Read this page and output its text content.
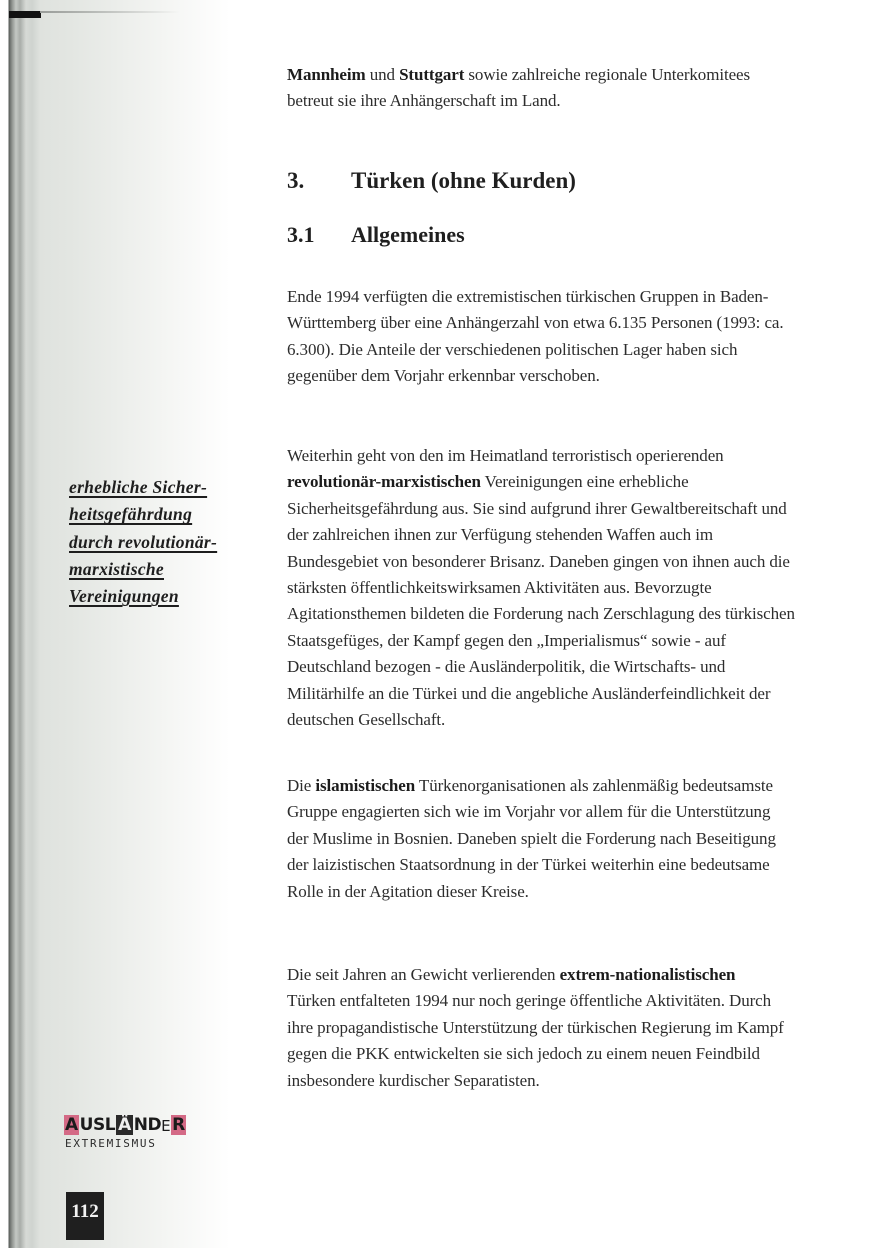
Mannheim und Stuttgart sowie zahlreiche regionale Unterkomitees betreut sie ihre Anhängerschaft im Land.

3.	Türken (ohne Kurden)
3.1	Allgemeines

Ende 1994 verfügten die extremistischen türkischen Gruppen in Baden-Württemberg über eine Anhängerzahl von etwa 6.135 Personen (1993: ca. 6.300). Die Anteile der verschiedenen politischen Lager haben sich gegenüber dem Vorjahr erkennbar verschoben.

Weiterhin geht von den im Heimatland terroristisch operierenden revolutionär-marxistischen Vereinigungen eine erhebliche Sicherheitsgefährdung aus. Sie sind aufgrund ihrer Gewaltbereitschaft und der zahlreichen ihnen zur Verfügung stehenden Waffen auch im Bundesgebiet von besonderer Brisanz. Daneben gingen von ihnen auch die stärksten öffentlichkeitswirksamen Aktivitäten aus. Bevorzugte Agitationsthemen bildeten die Forderung nach Zerschlagung des türkischen Staatsgefüges, der Kampf gegen den „Imperialismus“ sowie - auf Deutschland bezogen - die Ausländerpolitik, die Wirtschafts- und Militärhilfe an die Türkei und die angebliche Ausländerfeindlichkeit der deutschen Gesellschaft.

Die islamistischen Türkenorganisationen als zahlenmäßig bedeutsamste Gruppe engagierten sich wie im Vorjahr vor allem für die Unterstützung der Muslime in Bosnien. Daneben spielt die Forderung nach Beseitigung der laizistischen Staatsordnung in der Türkei weiterhin eine bedeutsame Rolle in der Agitation dieser Kreise.

Die seit Jahren an Gewicht verlierenden extrem-nationalistischen Türken entfalteten 1994 nur noch geringe öffentliche Aktivitäten. Durch ihre propagandistische Unterstützung der türkischen Regierung im Kampf gegen die PKK entwickelten sie sich jedoch zu einem neuen Feindbild insbesondere kurdischer Separatisten.

erhebliche Sicher-
heitsgefährdung
durch revolutionär-
marxistische
Vereinigungen
A USL Ä ND E R
EXTREMISMUS
112
